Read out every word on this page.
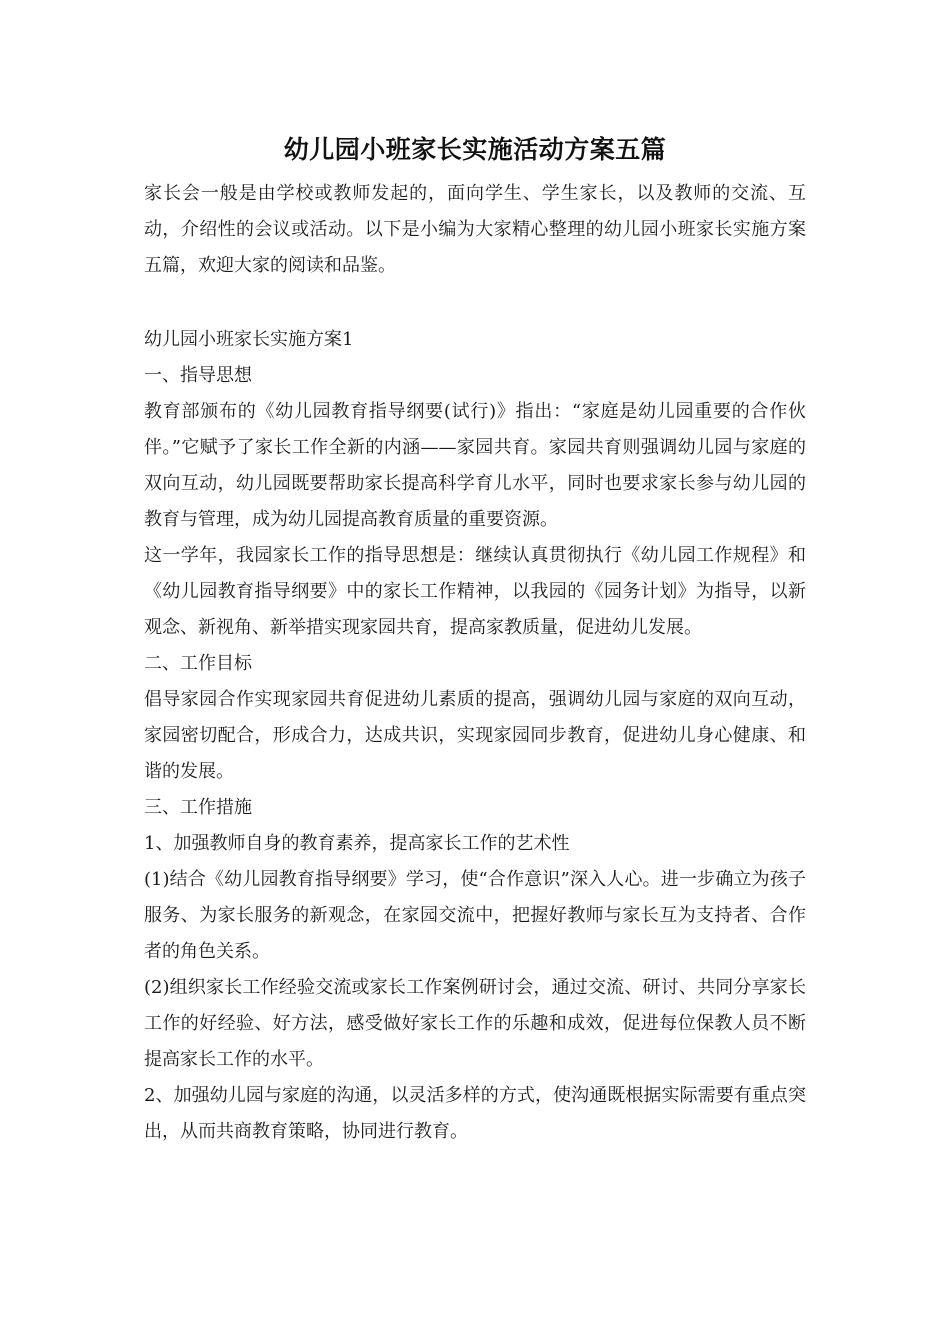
幼儿园小班家长实施活动方案五篇

家长会一般是由学校或教师发起的，面向学生、学生家长，以及教师的交流、互动，介绍性的会议或活动。以下是小编为大家精心整理的幼儿园小班家长实施方案五篇，欢迎大家的阅读和品鉴。

幼儿园小班家长实施方案1

一、指导思想

教育部颁布的《幼儿园教育指导纲要(试行)》指出：“家庭是幼儿园重要的合作伙伴。”它赋予了家长工作全新的内涵——家园共育。家园共育则强调幼儿园与家庭的双向互动，幼儿园既要帮助家长提高科学育儿水平，同时也要求家长参与幼儿园的教育与管理，成为幼儿园提高教育质量的重要资源。

这一学年，我园家长工作的指导思想是：继续认真贯彻执行《幼儿园工作规程》和《幼儿园教育指导纲要》中的家长工作精神，以我园的《园务计划》为指导，以新观念、新视角、新举措实现家园共育，提高家教质量，促进幼儿发展。

二、工作目标

倡导家园合作实现家园共育促进幼儿素质的提高，强调幼儿园与家庭的双向互动，家园密切配合，形成合力，达成共识，实现家园同步教育，促进幼儿身心健康、和谐的发展。

三、工作措施

1、加强教师自身的教育素养，提高家长工作的艺术性

(1)结合《幼儿园教育指导纲要》学习，使“合作意识”深入人心。进一步确立为孩子服务、为家长服务的新观念，在家园交流中，把握好教师与家长互为支持者、合作者的角色关系。

(2)组织家长工作经验交流或家长工作案例研讨会，通过交流、研讨、共同分享家长工作的好经验、好方法，感受做好家长工作的乐趣和成效，促进每位保教人员不断提高家长工作的水平。

2、加强幼儿园与家庭的沟通，以灵活多样的方式，使沟通既根据实际需要有重点突出，从而共商教育策略，协同进行教育。
